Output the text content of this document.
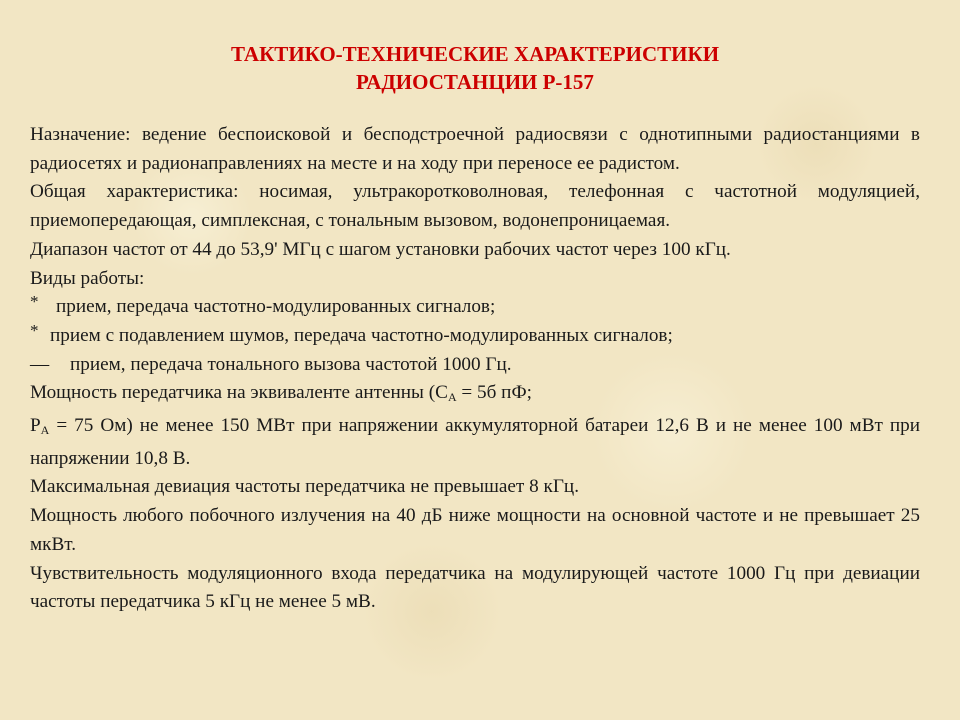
ТАКТИКО-ТЕХНИЧЕСКИЕ ХАРАКТЕРИСТИКИ
РАДИОСТАНЦИИ Р-157
Назначение: ведение беспоисковой и бесподстроечной радиосвязи с однотипными радиостанциями в радиосетях и радионаправлениях на месте и на ходу при переносе ее радистом.
Общая характеристика: носимая, ультракоротковолновая, телефонная с частотной модуляцией, приемопередающая, симплексная, с тональным вызовом, водонепроницаемая.
Диапазон частот от 44 до 53,9' МГц с шагом установки рабочих частот через 100 кГц.
Виды работы:
* прием, передача частотно-модулированных сигналов;
* прием с подавлением шумов, передача частотно-модулированных сигналов;
—	прием, передача тонального вызова частотой 1000 Гц.
Мощность передатчика на эквиваленте антенны ($С_А = 5б$ пФ;
$Р_А = 75$ Ом) не менее 150 МВт при напряжении аккумуляторной батареи 12,6 В и не менее 100 мВт при напряжении 10,8 В.
Максимальная девиация частоты передатчика не превышает 8 кГц.
Мощность любого побочного излучения на 40 дБ ниже мощности на основной частоте и не превышает 25 мкВт.
Чувствительность модуляционного входа передатчика на модулирующей частоте 1000 Гц при девиации частоты передатчика 5 кГц не менее 5 мВ.
